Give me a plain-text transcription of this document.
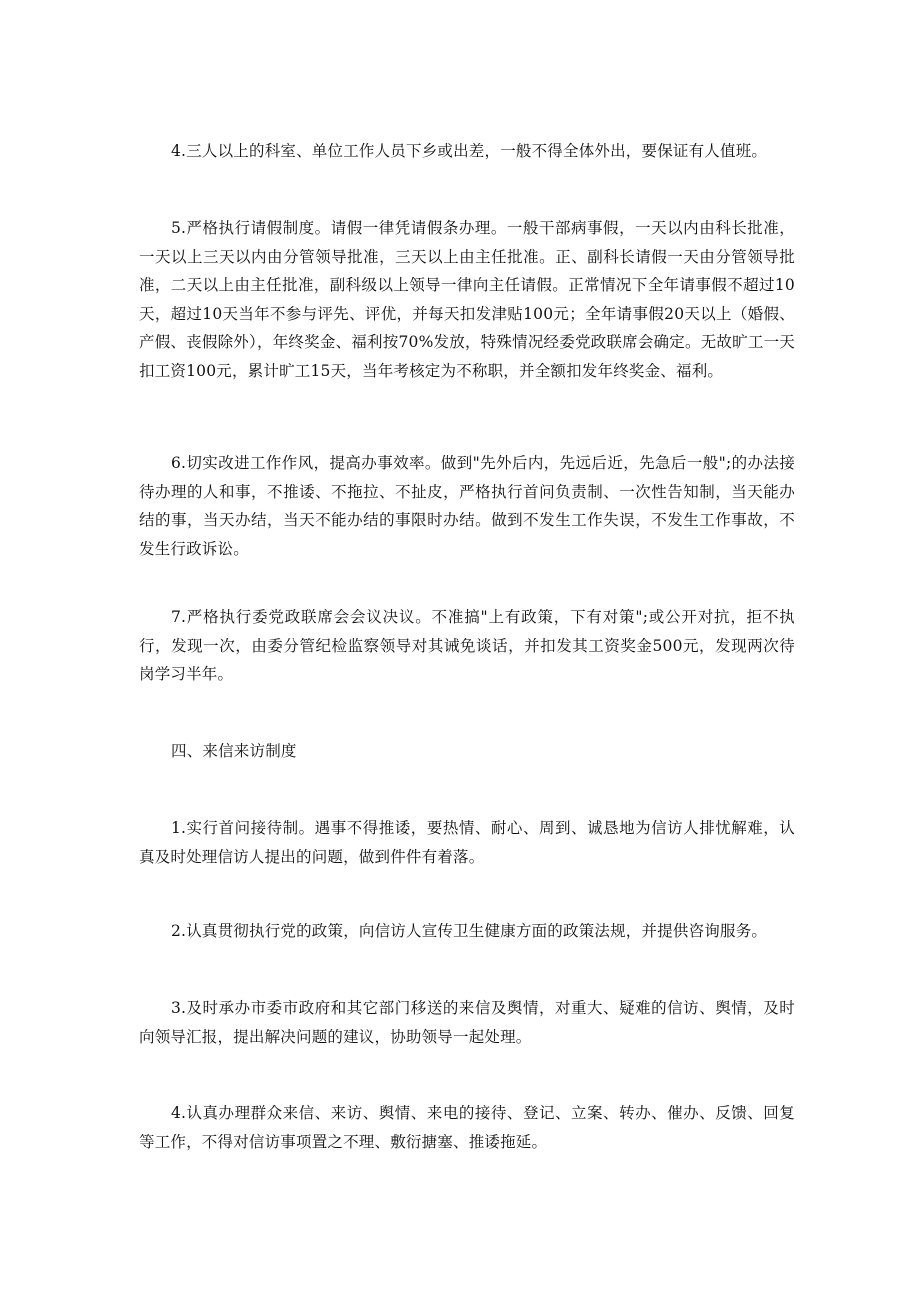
4.三人以上的科室、单位工作人员下乡或出差，一般不得全体外出，要保证有人值班。

5.严格执行请假制度。请假一律凭请假条办理。一般干部病事假，一天以内由科长批准，一天以上三天以内由分管领导批准，三天以上由主任批准。正、副科长请假一天由分管领导批准，二天以上由主任批准，副科级以上领导一律向主任请假。正常情况下全年请事假不超过10天，超过10天当年不参与评先、评优，并每天扣发津贴100元；全年请事假20天以上（婚假、产假、丧假除外），年终奖金、福利按70%发放，特殊情况经委党政联席会确定。无故旷工一天扣工资100元，累计旷工15天，当年考核定为不称职，并全额扣发年终奖金、福利。

6.切实改进工作作风，提高办事效率。做到"先外后内，先远后近，先急后一般";的办法接待办理的人和事，不推诿、不拖拉、不扯皮，严格执行首问负责制、一次性告知制，当天能办结的事，当天办结，当天不能办结的事限时办结。做到不发生工作失误，不发生工作事故，不发生行政诉讼。

7.严格执行委党政联席会会议决议。不准搞"上有政策，下有对策";或公开对抗，拒不执行，发现一次，由委分管纪检监察领导对其诫免谈话，并扣发其工资奖金500元，发现两次待岗学习半年。

四、来信来访制度

1.实行首问接待制。遇事不得推诿，要热情、耐心、周到、诚恳地为信访人排忧解难，认真及时处理信访人提出的问题，做到件件有着落。

2.认真贯彻执行党的政策，向信访人宣传卫生健康方面的政策法规，并提供咨询服务。

3.及时承办市委市政府和其它部门移送的来信及舆情，对重大、疑难的信访、舆情，及时向领导汇报，提出解决问题的建议，协助领导一起处理。

4.认真办理群众来信、来访、舆情、来电的接待、登记、立案、转办、催办、反馈、回复等工作，不得对信访事项置之不理、敷衍搪塞、推诿拖延。
